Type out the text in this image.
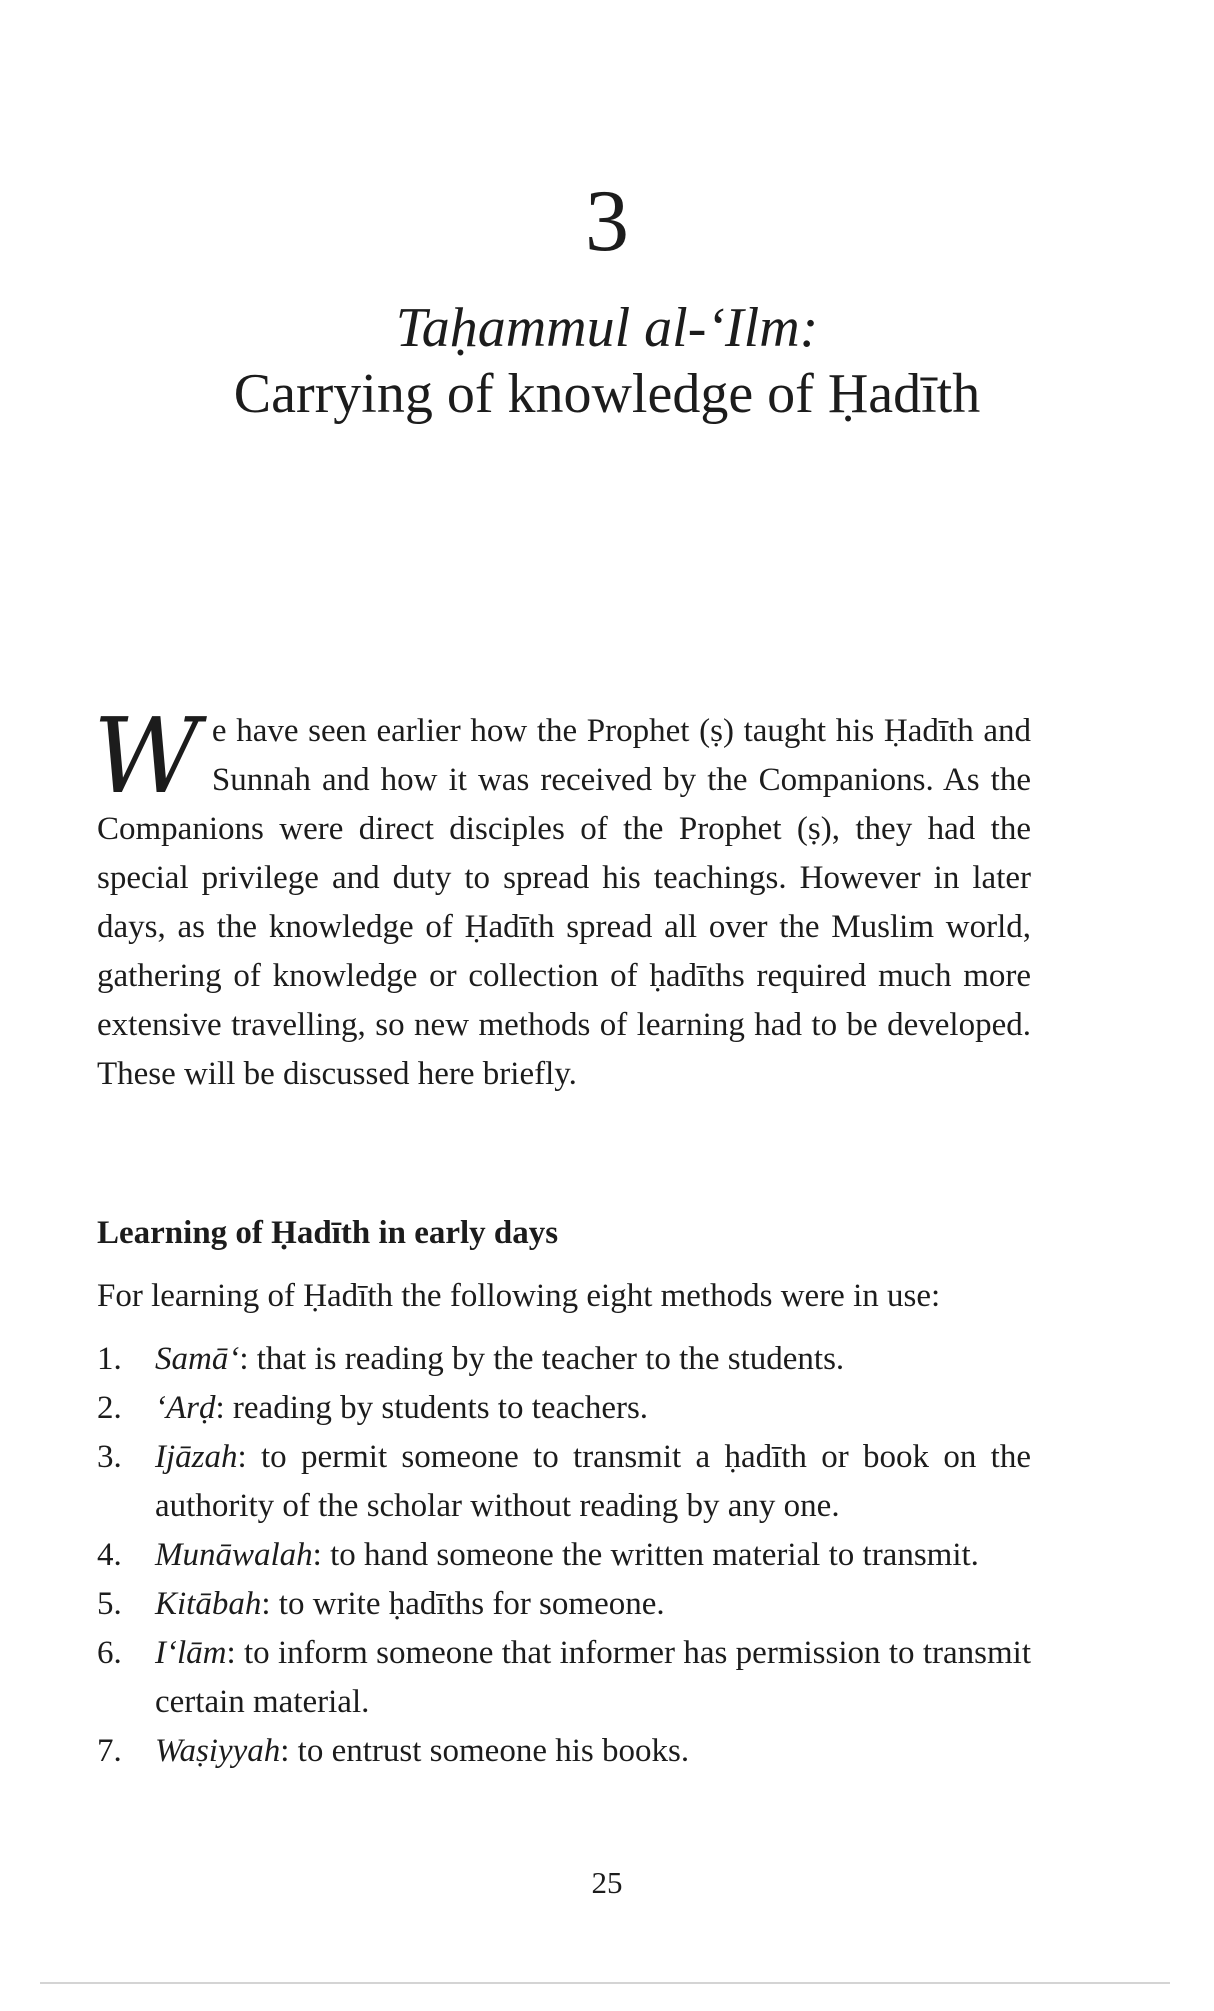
3
Taḥammul al-‘Ilm:
Carrying of knowledge of Ḥadīth
We have seen earlier how the Prophet (ṣ) taught his Ḥadīth and Sunnah and how it was received by the Companions. As the Companions were direct disciples of the Prophet (ṣ), they had the special privilege and duty to spread his teachings. However in later days, as the knowledge of Ḥadīth spread all over the Muslim world, gathering of knowledge or collection of ḥadīths required much more extensive travelling, so new methods of learning had to be developed. These will be discussed here briefly.
Learning of Ḥadīth in early days
For learning of Ḥadīth the following eight methods were in use:
1.	Samā‘: that is reading by the teacher to the students.
2.	‘Arḍ: reading by students to teachers.
3.	Ijāzah: to permit someone to transmit a ḥadīth or book on the authority of the scholar without reading by any one.
4.	Munāwalah: to hand someone the written material to transmit.
5.	Kitābah: to write ḥadīths for someone.
6.	I‘lām: to inform someone that informer has permission to transmit certain material.
7.	Waṣiyyah: to entrust someone his books.
25
